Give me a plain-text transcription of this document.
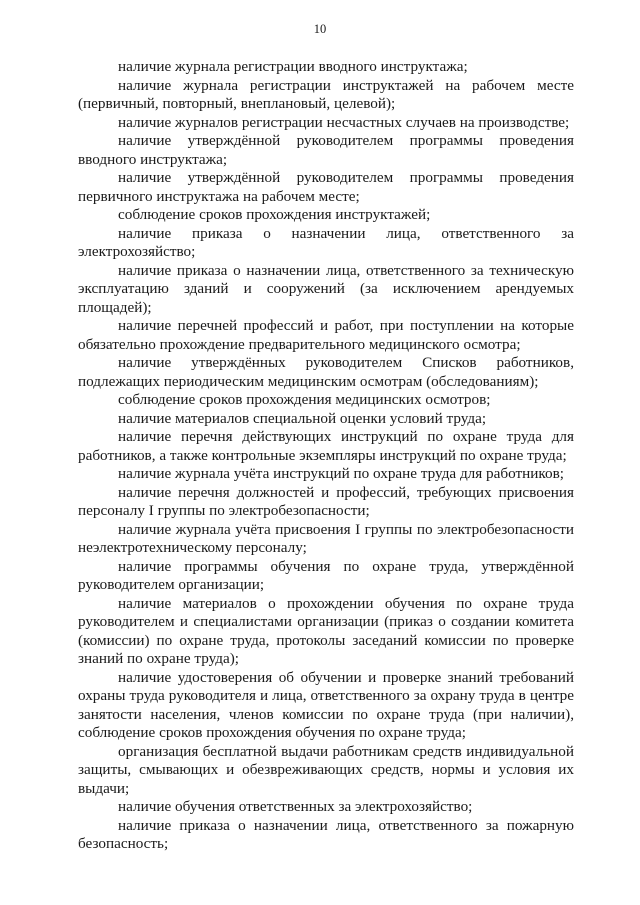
10

наличие журнала регистрации вводного инструктажа;

наличие журнала регистрации инструктажей на рабочем месте (первичный, повторный, внеплановый, целевой);

наличие журналов регистрации несчастных случаев на производстве;

наличие утверждённой руководителем программы проведения вводного инструктажа;

наличие утверждённой руководителем программы проведения первичного инструктажа на рабочем месте;

соблюдение сроков прохождения инструктажей;

наличие приказа о назначении лица, ответственного за электрохозяйство;

наличие приказа о назначении лица, ответственного за техническую эксплуатацию зданий и сооружений (за исключением арендуемых площадей);

наличие перечней профессий и работ, при поступлении на которые обязательно прохождение предварительного медицинского осмотра;

наличие утверждённых руководителем Списков работников, подлежащих периодическим медицинским осмотрам (обследованиям);

соблюдение сроков прохождения медицинских осмотров;

наличие материалов специальной оценки условий труда;

наличие перечня действующих инструкций по охране труда для работников, а также контрольные экземпляры инструкций по охране труда;

наличие журнала учёта инструкций по охране труда для работников;

наличие перечня должностей и профессий, требующих присвоения персоналу I группы по электробезопасности;

наличие журнала учёта присвоения I группы по электробезопасности неэлектротехническому персоналу;

наличие программы обучения по охране труда, утверждённой руководителем организации;

наличие материалов о прохождении обучения по охране труда руководителем и специалистами организации (приказ о создании комитета (комиссии) по охране труда, протоколы заседаний комиссии по проверке знаний по охране труда);

наличие удостоверения об обучении и проверке знаний требований охраны труда руководителя и лица, ответственного за охрану труда в центре занятости населения, членов комиссии по охране труда (при наличии), соблюдение сроков прохождения обучения по охране труда;

организация бесплатной выдачи работникам средств индивидуальной защиты, смывающих и обезвреживающих средств, нормы и условия их выдачи;

наличие обучения ответственных за электрохозяйство;

наличие приказа о назначении лица, ответственного за пожарную безопасность;
